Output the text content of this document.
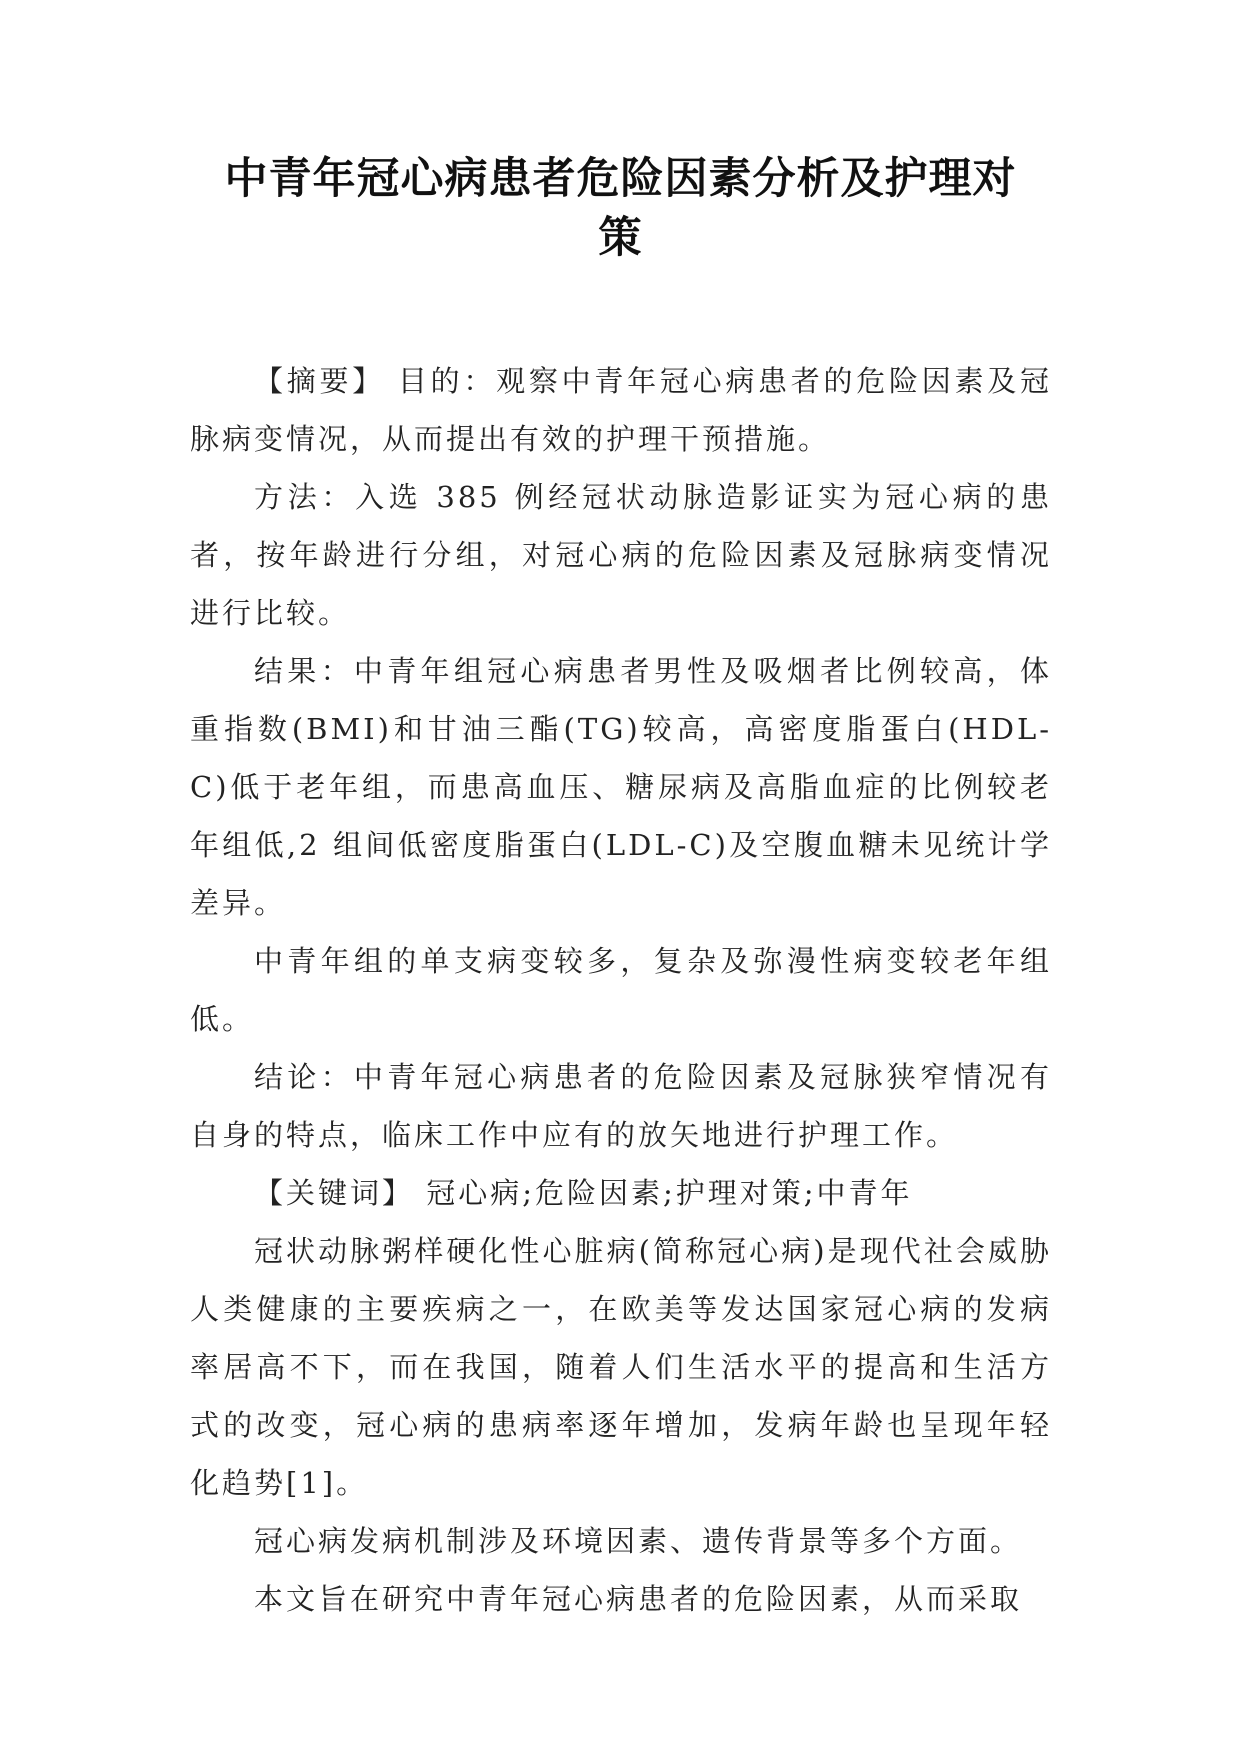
中青年冠心病患者危险因素分析及护理对
策

【摘要】 目的：观察中青年冠心病患者的危险因素及冠脉病变情况，从而提出有效的护理干预措施。

方法：入选 385 例经冠状动脉造影证实为冠心病的患者，按年龄进行分组，对冠心病的危险因素及冠脉病变情况进行比较。

结果：中青年组冠心病患者男性及吸烟者比例较高，体重指数(BMI)和甘油三酯(TG)较高，高密度脂蛋白(HDL-C)低于老年组，而患高血压、糖尿病及高脂血症的比例较老年组低,2 组间低密度脂蛋白(LDL-C)及空腹血糖未见统计学差异。

中青年组的单支病变较多，复杂及弥漫性病变较老年组低。

结论：中青年冠心病患者的危险因素及冠脉狭窄情况有自身的特点，临床工作中应有的放矢地进行护理工作。

【关键词】 冠心病;危险因素;护理对策;中青年

冠状动脉粥样硬化性心脏病(简称冠心病)是现代社会威胁人类健康的主要疾病之一，在欧美等发达国家冠心病的发病率居高不下，而在我国，随着人们生活水平的提高和生活方式的改变，冠心病的患病率逐年增加，发病年龄也呈现年轻化趋势[1]。

冠心病发病机制涉及环境因素、遗传背景等多个方面。

本文旨在研究中青年冠心病患者的危险因素，从而采取
